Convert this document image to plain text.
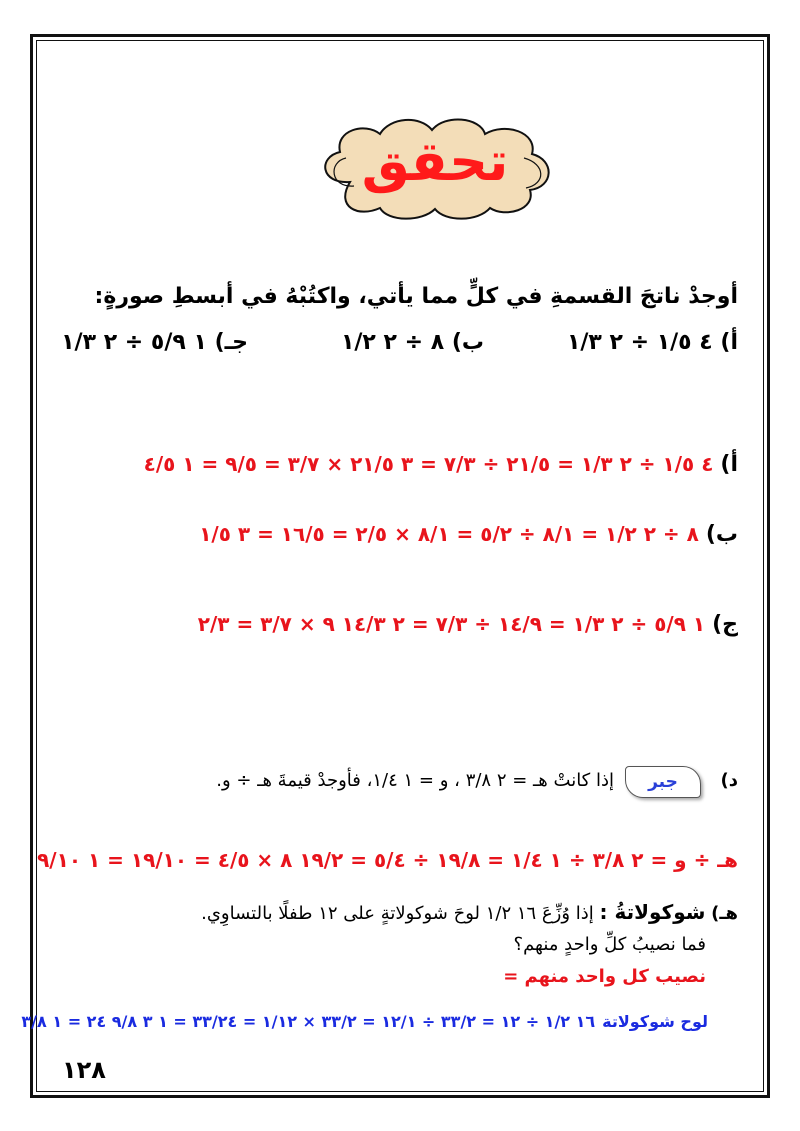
تحقق
أوجدْ ناتجَ القسمةِ في كلٍّ مما يأتي، واكتُبْهُ في أبسطِ صورةٍ:
أ) ٤ ١/٥ ÷ ٢ ١/٣
ب) ٨ ÷ ٢ ١/٢
جـ) ١ ٥/٩ ÷ ٢ ١/٣
أ) ٤ ١/٥ ÷ ٢ ١/٣ = ٢١/٥ ÷ ٧/٣ = ٣ ٢١/٥ × ٣/٧ = ٩/٥ = ١ ٤/٥
ب) ٨ ÷ ٢ ١/٢ = ٨/١ ÷ ٥/٢ = ٨/١ × ٢/٥ = ١٦/٥ = ٣ ١/٥
ج) ١ ٥/٩ ÷ ٢ ١/٣ = ١٤/٩ ÷ ٧/٣ = ٢ ١٤/٣ ٩ × ٣/٧ = ٢/٣
د)
جبر
إذا كانتْ هـ = ٢ ٣/٨ ، و = ١ ١/٤، فأوجدْ قيمةَ هـ ÷ و.
هـ ÷ و = ٢ ٣/٨ ÷ ١ ١/٤ = ١٩/٨ ÷ ٥/٤ = ١٩/٢ ٨ × ٤/٥ = ١٩/١٠ = ١ ٩/١٠
هـ) شوكولاتةُ : إذا وُزِّعَ ١٦ ١/٢ لوحَ شوكولاتةٍ على ١٢ طفلًا بالتساوِي.
فما نصيبُ كلِّ واحدٍ منهم؟
نصيب كل واحد منهم =
لوح شوكولاتة ١٦ ١/٢ ÷ ١٢ = ٣٣/٢ ÷ ١٢/١ = ٣٣/٢ × ١/١٢ = ٣٣/٢٤ = ١ ٣ ٩/٨ ٢٤ = ١ ٣/٨
١٢٨
